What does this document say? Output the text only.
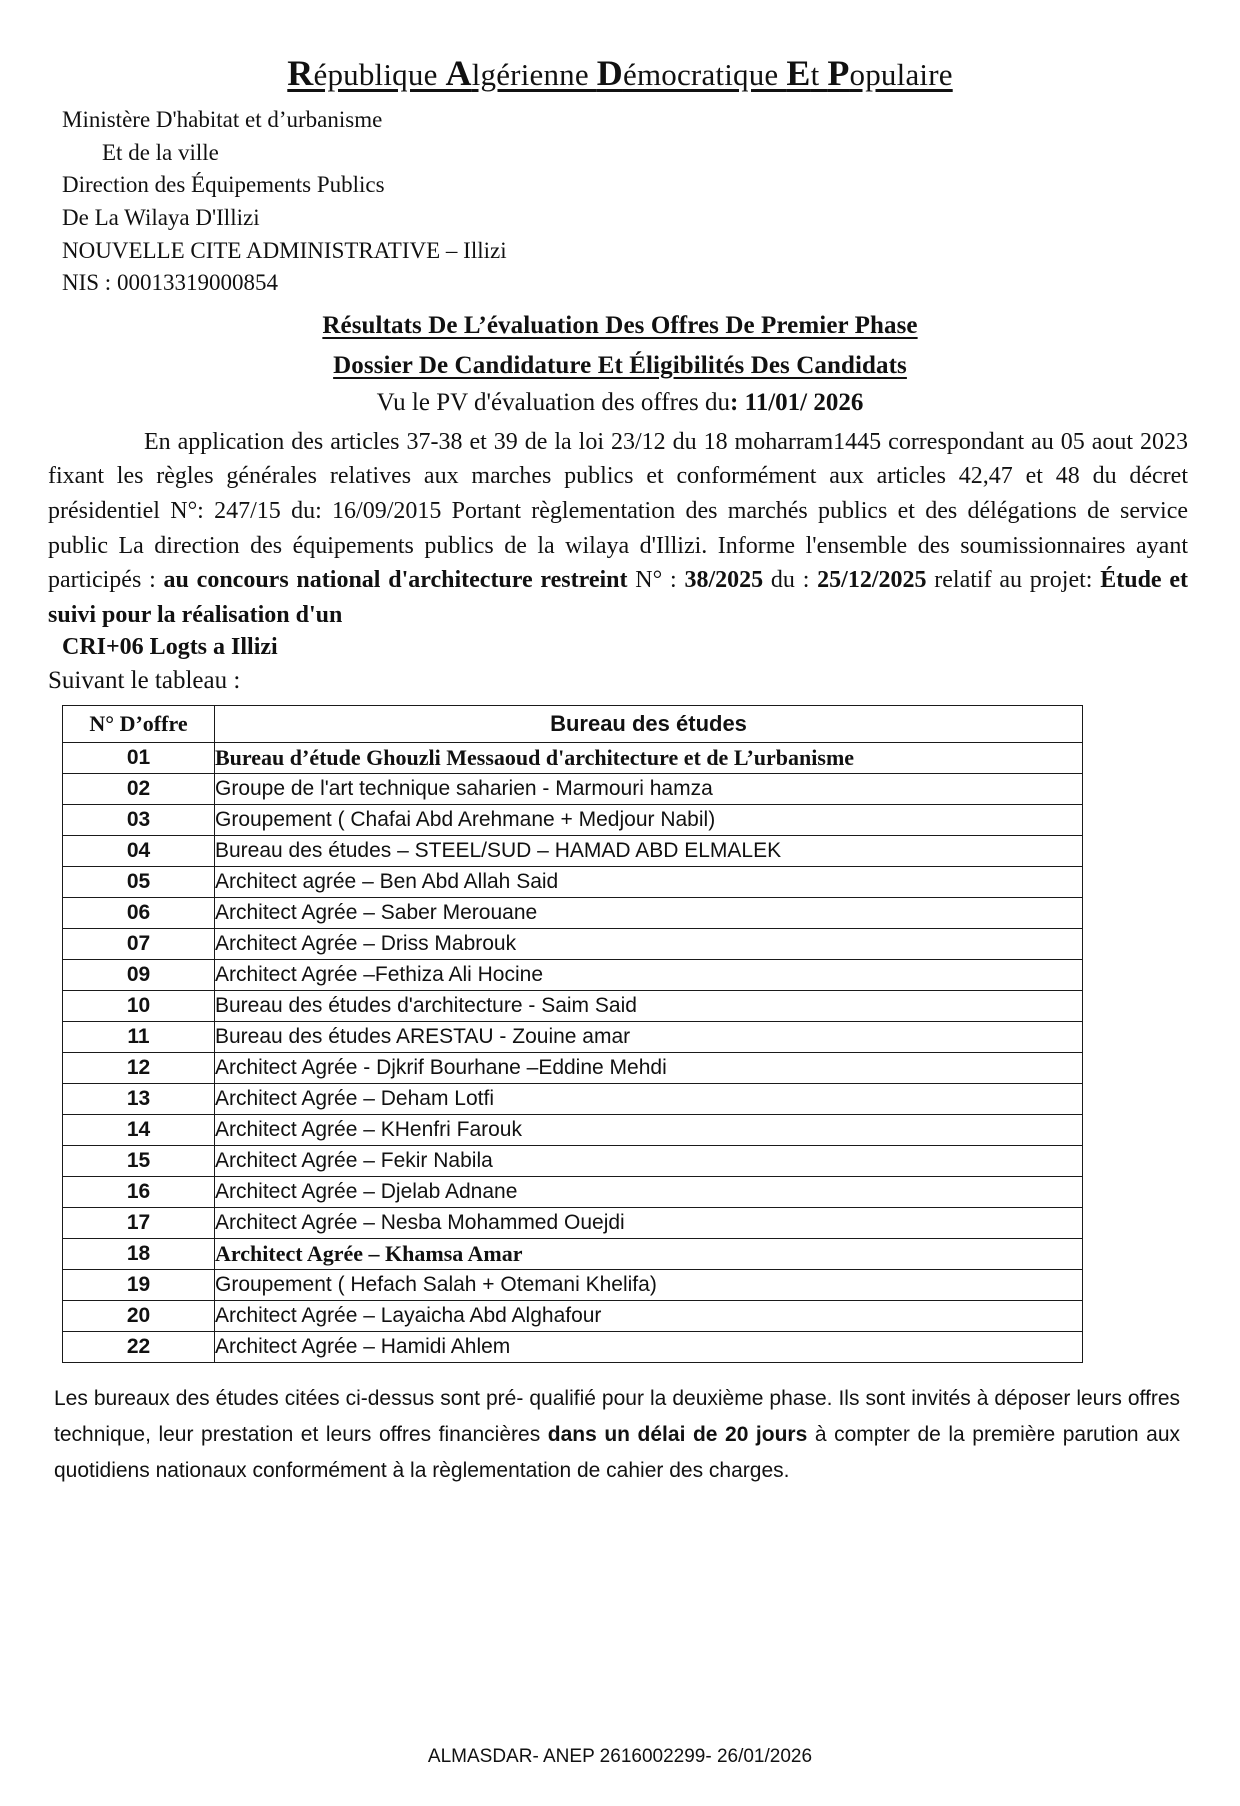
République Algérienne Démocratique Et Populaire
Ministère D'habitat et d’urbanisme
Et de la ville
Direction des Équipements Publics
De La Wilaya D'Illizi
NOUVELLE CITE ADMINISTRATIVE – Illizi
NIS : 00013319000854
Résultats De L’évaluation Des Offres De Premier Phase
Dossier De Candidature Et Éligibilités Des Candidats
Vu le PV d'évaluation des offres du: 11/01/ 2026
En application des articles 37-38 et 39 de la loi 23/12 du 18 moharram1445 correspondant au 05 aout 2023 fixant les règles générales relatives aux marches publics et conformément aux articles 42,47 et 48 du décret présidentiel N°: 247/15 du: 16/09/2015 Portant règlementation des marchés publics et des délégations de service public La direction des équipements publics de la wilaya d'Illizi. Informe l'ensemble des soumissionnaires ayant participés : au concours national d'architecture restreint N° : 38/2025 du : 25/12/2025 relatif au projet: Étude et suivi pour la réalisation d'un
CRI+06 Logts a Illizi
Suivant le tableau :
N° D’offre	Bureau des études
01	Bureau d’étude Ghouzli Messaoud d'architecture et de L’urbanisme
02	Groupe de l'art technique saharien - Marmouri hamza
03	Groupement ( Chafai Abd Arehmane + Medjour Nabil)
04	Bureau des études – STEEL/SUD – HAMAD ABD ELMALEK
05	Architect agrée – Ben Abd Allah Said
06	Architect Agrée – Saber Merouane
07	Architect Agrée – Driss Mabrouk
09	Architect Agrée –Fethiza Ali Hocine
10	Bureau des études d'architecture - Saim Said
11	Bureau des études ARESTAU - Zouine amar
12	Architect Agrée - Djkrif Bourhane –Eddine Mehdi
13	Architect Agrée – Deham Lotfi
14	Architect Agrée – KHenfri Farouk
15	Architect Agrée – Fekir Nabila
16	Architect Agrée – Djelab Adnane
17	Architect Agrée – Nesba Mohammed Ouejdi
18	Architect Agrée – Khamsa Amar
19	Groupement ( Hefach Salah + Otemani Khelifa)
20	Architect Agrée – Layaicha Abd Alghafour
22	Architect Agrée – Hamidi Ahlem
Les bureaux des études citées ci-dessus sont pré- qualifié pour la deuxième phase. Ils sont invités à déposer leurs offres technique, leur prestation et leurs offres financières dans un délai de 20 jours à compter de la première parution aux quotidiens nationaux conformément à la règlementation de cahier des charges.
ALMASDAR- ANEP 2616002299- 26/01/2026
